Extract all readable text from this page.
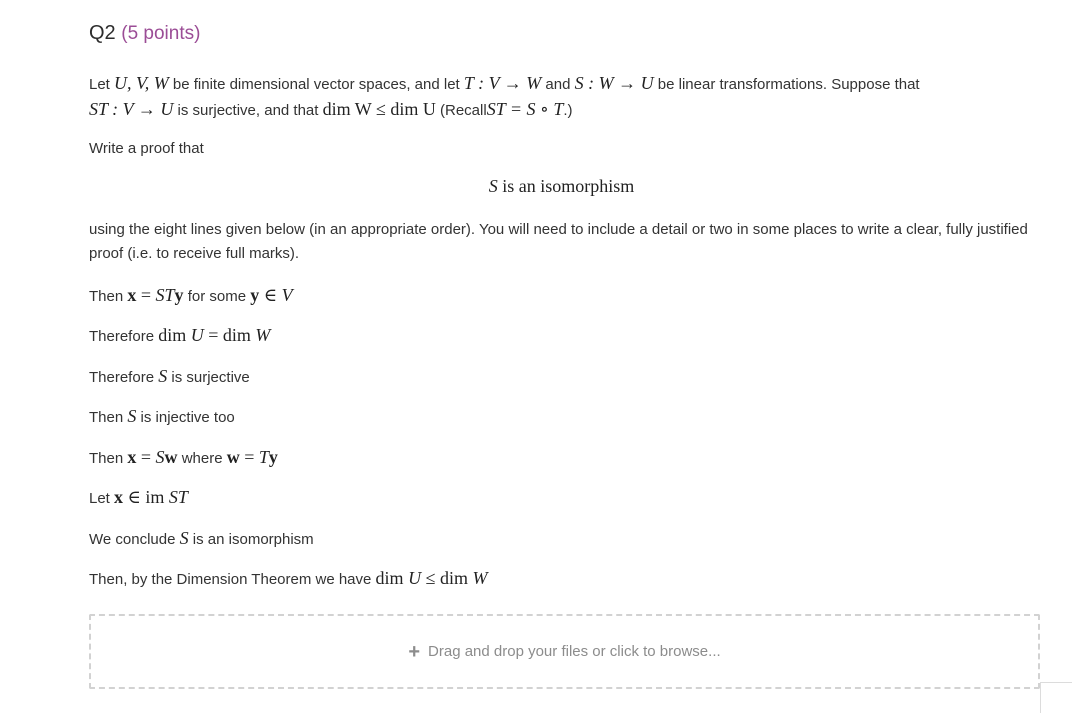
Q2 (5 points)
Let U, V, W be finite dimensional vector spaces, and let T : V → W and S : W → U be linear transformations. Suppose that
ST : V → U is surjective, and that dim W ≤ dim U (RecallST = S ∘ T.)
Write a proof that
S is an isomorphism
using the eight lines given below (in an appropriate order). You will need to include a detail or two in some places to write a clear, fully justified proof (i.e. to receive full marks).
Then x = STy for some y ∈ V
Therefore dim U = dim W
Therefore S is surjective
Then S is injective too
Then x = Sw where w = Ty
Let x ∈ im ST
We conclude S is an isomorphism
Then, by the Dimension Theorem we have dim U ≤ dim W
+ Drag and drop your files or click to browse...
